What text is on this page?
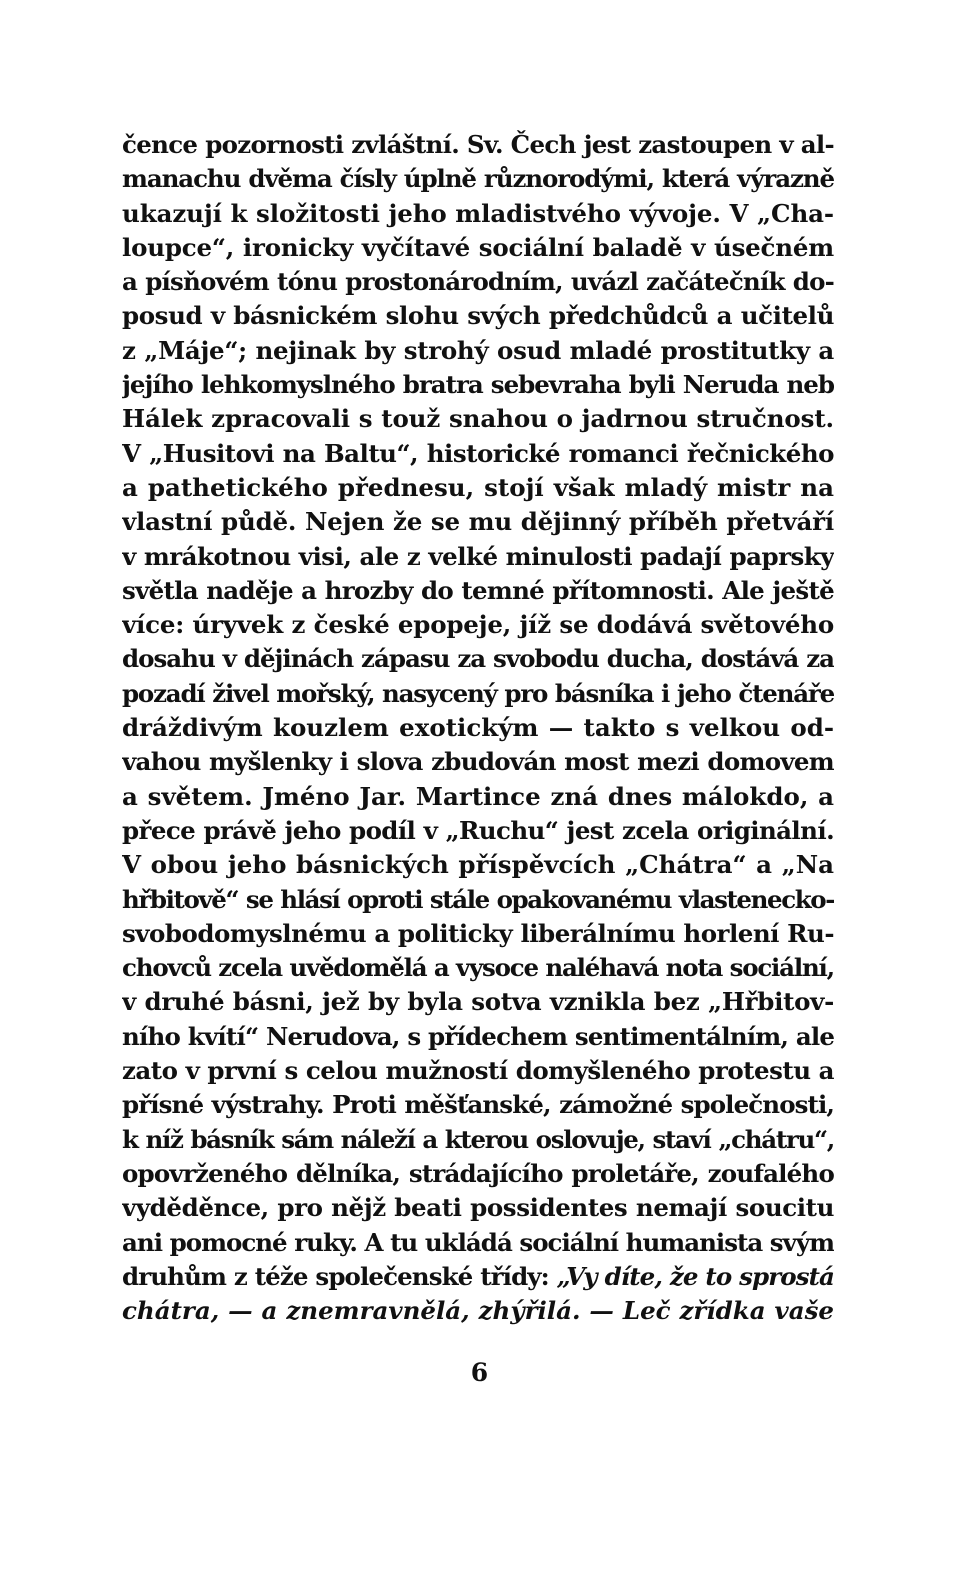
čence pozornosti zvláštní. Sv. Čech jest zastoupen v al-
manachu dvěma čísly úplně různorodými, která výrazně
ukazují k složitosti jeho mladistvého vývoje. V „Cha-
loupce“, ironicky vyčítavé sociální baladě v úsečném
a písňovém tónu prostonárodním, uvázl začátečník do-
posud v básnickém slohu svých předchůdců a učitelů
z „Máje“; nejinak by strohý osud mladé prostitutky a
jejího lehkomyslného bratra sebevraha byli Neruda neb
Hálek zpracovali s touž snahou o jadrnou stručnost.
V „Husitovi na Baltu“, historické romanci řečnického
a pathetického přednesu, stojí však mladý mistr na
vlastní půdě. Nejen že se mu dějinný příběh přetváří
v mrákotnou visi, ale z velké minulosti padají paprsky
světla naděje a hrozby do temné přítomnosti. Ale ještě
více: úryvek z české epopeje, jíž se dodává světového
dosahu v dějinách zápasu za svobodu ducha, dostává za
pozadí živel mořský, nasycený pro básníka i jeho čtenáře
dráždivým kouzlem exotickým — takto s velkou od-
vahou myšlenky i slova zbudován most mezi domovem
a světem. Jméno Jar. Martince zná dnes málokdo, a
přece právě jeho podíl v „Ruchu“ jest zcela originální.
V obou jeho básnických příspěvcích „Chátra“ a „Na
hřbitově“ se hlásí oproti stále opakovanému vlastenecko-
svobodomyslnému a politicky liberálnímu horlení Ru-
chovců zcela uvědomělá a vysoce naléhavá nota sociální,
v druhé básni, jež by byla sotva vznikla bez „Hřbitov-
ního kvítí“ Nerudova, s přídechem sentimentálním, ale
zato v první s celou mužností domyšleného protestu a
přísné výstrahy. Proti měšťanské, zámožné společnosti,
k níž básník sám náleží a kterou oslovuje, staví „chátru“,
opovrženého dělníka, strádajícího proletáře, zoufalého
vyděděnce, pro nějž beati possidentes nemají soucitu
ani pomocné ruky. A tu ukládá sociální humanista svým
druhům z téže společenské třídy: „Vy díte, že to sprostá
chátra, — a znemravnělá, zhýřilá. — Leč zřídka vaše
6
